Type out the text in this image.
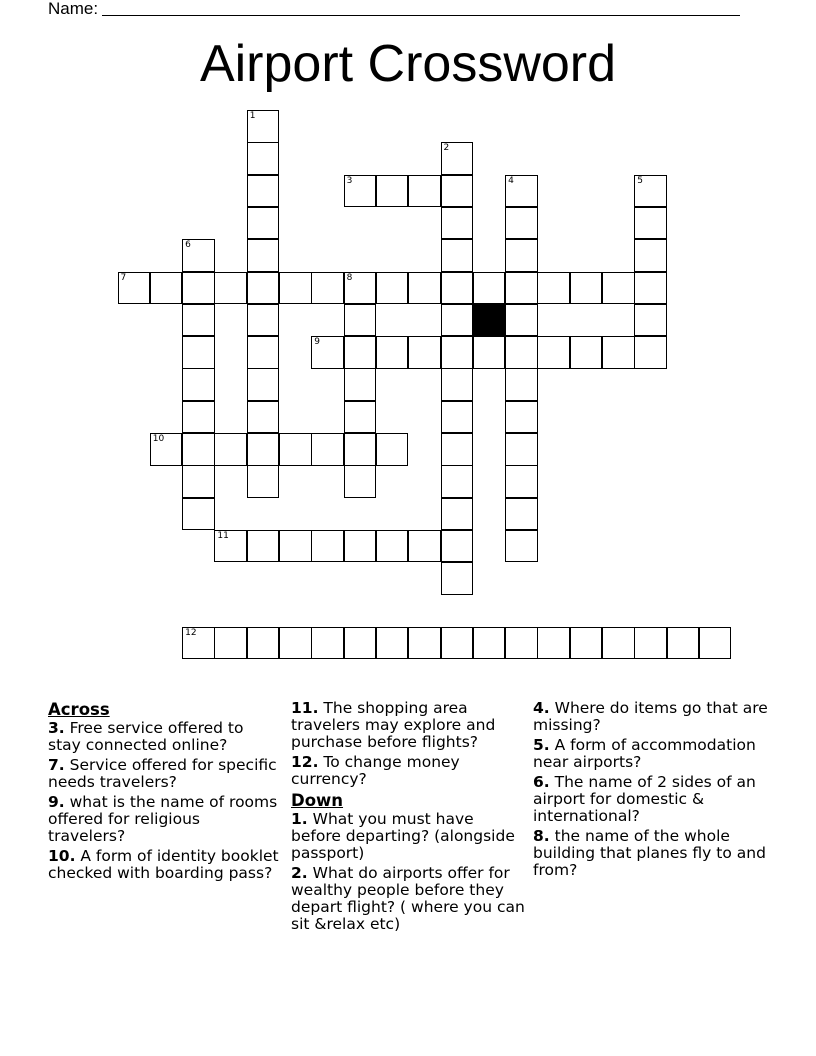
Name:
Airport Crossword
1
2
3	4	5
6
7	8
9
10
11
12
Across
3. Free service offered to stay connected online?
7. Service offered for specific needs travelers?
9. what is the name of rooms offered for religious travelers?
10. A form of identity booklet checked with boarding pass?
11. The shopping area travelers may explore and purchase before flights?
12. To change money currency?
Down
1. What you must have before departing? (alongside passport)
2. What do airports offer for wealthy people before they depart flight? ( where you can sit &relax etc)
4. Where do items go that are missing?
5. A form of accommodation near airports?
6. The name of 2 sides of an airport for domestic & international?
8. the name of the whole building that planes fly to and from?
